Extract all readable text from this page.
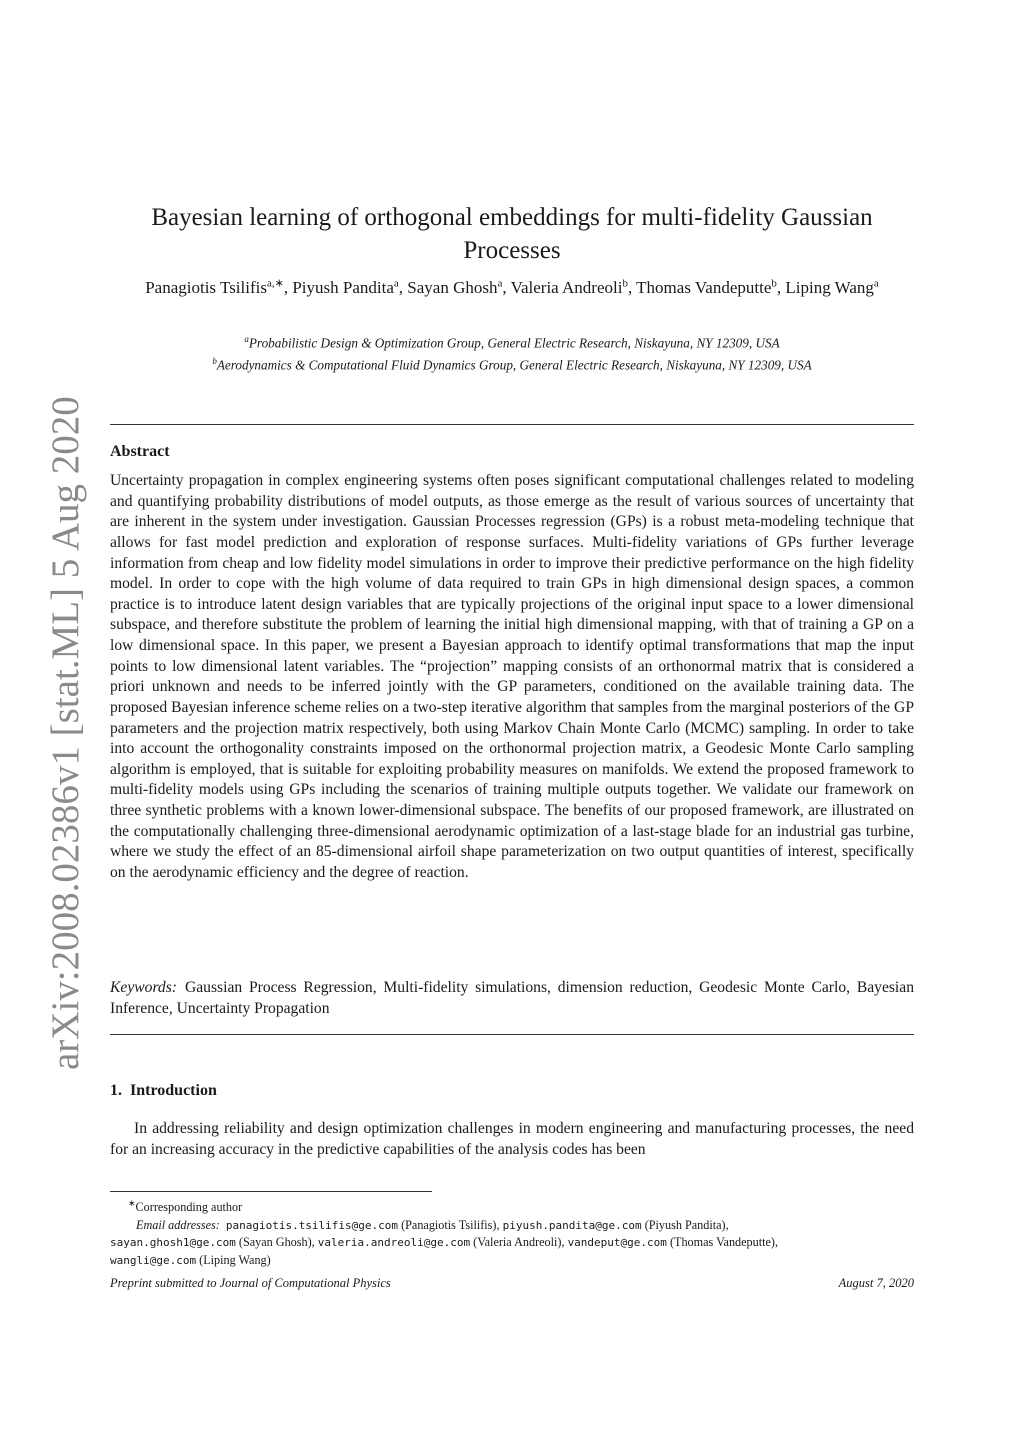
arXiv:2008.02386v1 [stat.ML] 5 Aug 2020
Bayesian learning of orthogonal embeddings for multi-fidelity Gaussian Processes
Panagiotis Tsilifis$^{a,∗}$, Piyush Pandita$^a$, Sayan Ghosh$^a$, Valeria Andreoli$^b$, Thomas Vandeputte$^b$, Liping Wang$^a$
$^a$Probabilistic Design & Optimization Group, General Electric Research, Niskayuna, NY 12309, USA
$^b$Aerodynamics & Computational Fluid Dynamics Group, General Electric Research, Niskayuna, NY 12309, USA
Abstract

Uncertainty propagation in complex engineering systems often poses significant computational challenges related to modeling and quantifying probability distributions of model outputs, as those emerge as the result of various sources of uncertainty that are inherent in the system under investigation. Gaussian Processes regression (GPs) is a robust meta-modeling technique that allows for fast model prediction and exploration of response surfaces. Multi-fidelity variations of GPs further leverage information from cheap and low fidelity model simulations in order to improve their predictive performance on the high fidelity model. In order to cope with the high volume of data required to train GPs in high dimensional design spaces, a common practice is to introduce latent design variables that are typically projections of the original input space to a lower dimensional subspace, and therefore substitute the problem of learning the initial high dimensional mapping, with that of training a GP on a low dimensional space. In this paper, we present a Bayesian approach to identify optimal transformations that map the input points to low dimensional latent variables. The “projection” mapping consists of an orthonormal matrix that is considered a priori unknown and needs to be inferred jointly with the GP parameters, conditioned on the available training data. The proposed Bayesian inference scheme relies on a two-step iterative algorithm that samples from the marginal posteriors of the GP parameters and the projection matrix respectively, both using Markov Chain Monte Carlo (MCMC) sampling. In order to take into account the orthogonality constraints imposed on the orthonormal projection matrix, a Geodesic Monte Carlo sampling algorithm is employed, that is suitable for exploiting probability measures on manifolds. We extend the proposed framework to multi-fidelity models using GPs including the scenarios of training multiple outputs together. We validate our framework on three synthetic problems with a known lower-dimensional subspace. The benefits of our proposed framework, are illustrated on the computationally challenging three-dimensional aerodynamic optimization of a last-stage blade for an industrial gas turbine, where we study the effect of an 85-dimensional airfoil shape parameterization on two output quantities of interest, specifically on the aerodynamic efficiency and the degree of reaction.

Keywords: Gaussian Process Regression, Multi-fidelity simulations, dimension reduction, Geodesic Monte Carlo, Bayesian Inference, Uncertainty Propagation
1. Introduction

In addressing reliability and design optimization challenges in modern engineering and manufacturing processes, the need for an increasing accuracy in the predictive capabilities of the analysis codes has been

∗Corresponding author
Email addresses: panagiotis.tsilifis@ge.com (Panagiotis Tsilifis), piyush.pandita@ge.com (Piyush Pandita),
sayan.ghosh1@ge.com (Sayan Ghosh), valeria.andreoli@ge.com (Valeria Andreoli), vandeput@ge.com (Thomas Vandeputte),
wangli@ge.com (Liping Wang)
Preprint submitted to Journal of Computational Physics	August 7, 2020
